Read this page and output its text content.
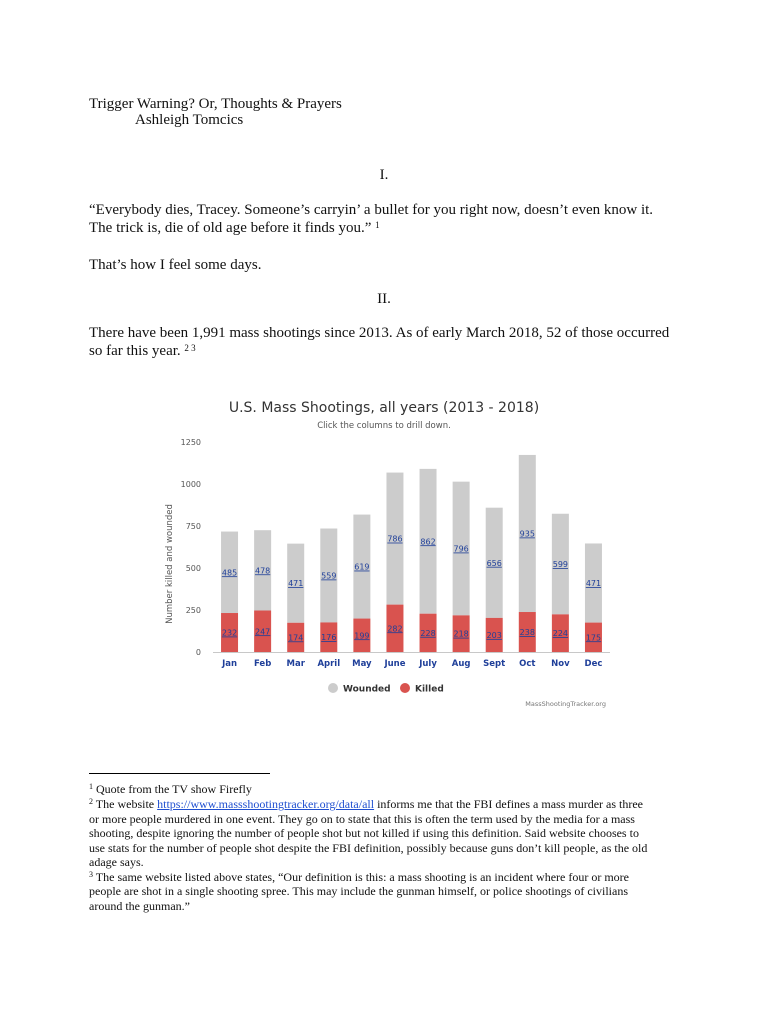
Trigger Warning? Or, Thoughts & Prayers
Ashleigh Tomcics
I.
“Everybody dies, Tracey. Someone’s carryin’ a bullet for you right now, doesn’t even know it.
The trick is, die of old age before it finds you.” $^1$
That’s how I feel some days.
II.
There have been 1,991 mass shootings since 2013. As of early March 2018, 52 of those occurred
so far this year. $^{2 3}$
U.S. Mass Shootings, all years (2013 - 2018)
Click the columns to drill down.
Number killed and wounded
0
250
500
750
1000
1250
485
232
478
247
471
174
559
176
619
199
786
282
862
228
796
218
656
203
935
238
599
224
471
175
Jan Feb Mar April May June July Aug Sept Oct Nov Dec
Wounded	Killed
MassShootingTracker.org
$^1$ Quote from the TV show Firefly
$^2$ The website https://www.massshootingtracker.org/data/all informs me that the FBI defines a mass murder as three
or more people murdered in one event. They go on to state that this is often the term used by the media for a mass
shooting, despite ignoring the number of people shot but not killed if using this definition. Said website chooses to
use stats for the number of people shot despite the FBI definition, possibly because guns don’t kill people, as the old
adage says.
$^3$ The same website listed above states, “Our definition is this: a mass shooting is an incident where four or more
people are shot in a single shooting spree. This may include the gunman himself, or police shootings of civilians
around the gunman.”
